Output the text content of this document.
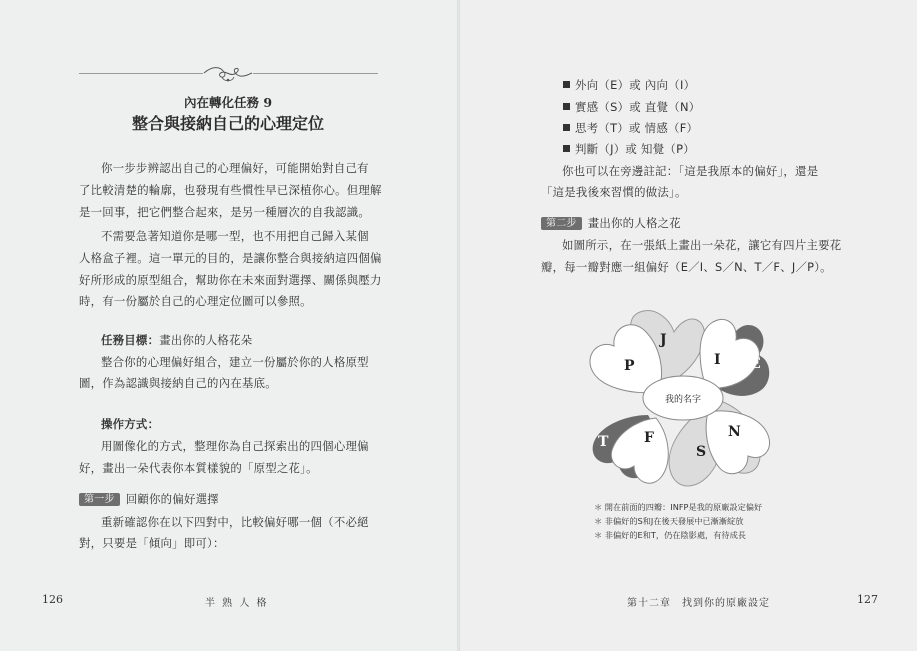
內在轉化任務 9
整合與接納自己的心理定位
你一步步辨認出自己的心理偏好，可能開始對自己有
了比較清楚的輪廓，也發現有些慣性早已深植你心。但理解
是一回事，把它們整合起來，是另一種層次的自我認識。
不需要急著知道你是哪一型，也不用把自己歸入某個
人格盒子裡。這一單元的目的，是讓你整合與接納這四個偏
好所形成的原型組合，幫助你在未來面對選擇、關係與壓力
時，有一份屬於自己的心理定位圖可以參照。
任務目標：畫出你的人格花朵
整合你的心理偏好組合，建立一份屬於你的人格原型
圖，作為認識與接納自己的內在基底。
操作方式：
用圖像化的方式，整理你為自己探索出的四個心理偏
好，畫出一朵代表你本質樣貌的「原型之花」。
第一步 回顧你的偏好選擇
重新確認你在以下四對中，比較偏好哪一個（不必絕
對，只要是「傾向」即可）：
126	半 熟 人 格
外向（E）或 內向（I）
實感（S）或 直覺（N）
思考（T）或 情感（F）
判斷（J）或 知覺（P）
你也可以在旁邊註記：「這是我原本的偏好」，還是
「這是我後來習慣的做法」。
第二步 畫出你的人格之花
如圖所示，在一張紙上畫出一朵花，讓它有四片主要花
瓣，每一瓣對應一組偏好（E／I、S／N、T／F、J／P）。
我的名字
J
P	I E
T	F	N
S
＊ 開在前面的四瓣：INFP是我的原廠設定偏好
＊ 非偏好的S和J在後天發展中已漸漸綻放
＊ 非偏好的E和T，仍在陰影處，有待成長
第十二章　找到你的原廠設定	127
